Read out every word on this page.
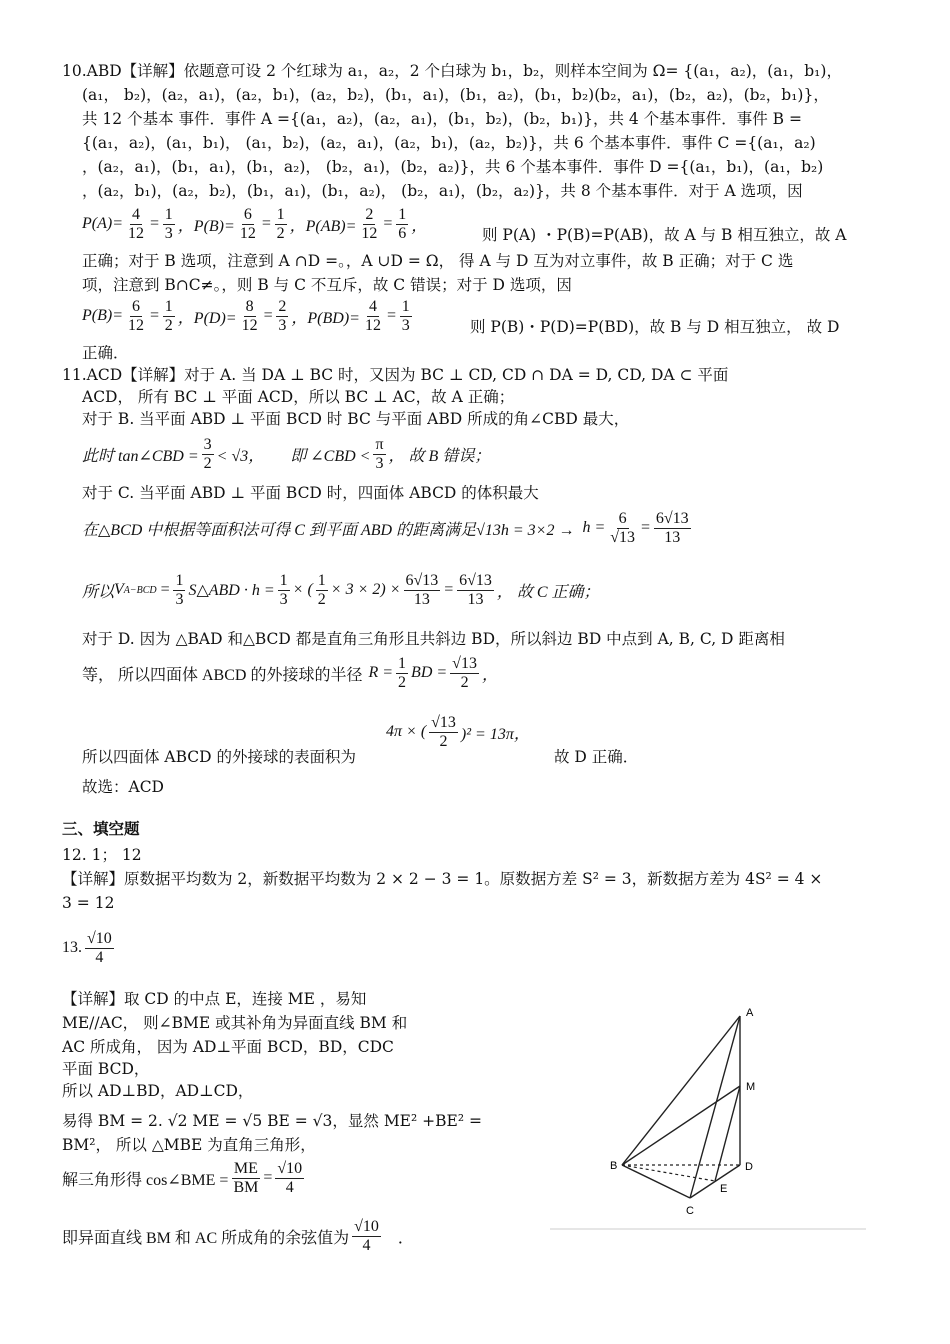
10.ABD【详解】依题意可设 2 个红球为 a₁，a₂，2 个白球为 b₁，b₂，则样本空间为 Ω= {(a₁，a₂)，(a₁，b₁)，
(a₁， b₂)，(a₂，a₁)，(a₂，b₁)，(a₂，b₂)，(b₁，a₁)，(b₁，a₂)，(b₁，b₂)(b₂，a₁)，(b₂，a₂)，(b₂，b₁)}，
共 12 个基本 事件．事件 A ={(a₁，a₂)，(a₂，a₁)，(b₁，b₂)，(b₂，b₁)}，共 4 个基本事件．事件 B =
{(a₁，a₂)，(a₁，b₁)， (a₁，b₂)，(a₂，a₁)，(a₂，b₁)，(a₂，b₂)}，共 6 个基本事件．事件 C ={(a₁，a₂)
，(a₂，a₁)，(b₁，a₁)，(b₁，a₂)， (b₂，a₁)，(b₂，a₂)}，共 6 个基本事件．事件 D ={(a₁，b₁)，(a₁，b₂)
，(a₂，b₁)，(a₂，b₂)，(b₁，a₁)，(b₁，a₂)， (b₂，a₁)，(b₂，a₂)}，共 8 个基本事件．对于 A 选项，因
$P(A)= \frac{4}{12} = \frac{1}{3}$ ，$P(B)= \frac{6}{12} = \frac{1}{2}$ ，$P(AB)= \frac{2}{12} = \frac{1}{6}$ ，	则 P(A) ・P(B)=P(AB)，故 A 与 B 相互独立，故 A
正确；对于 B 选项，注意到 A ∩D =。，A ∪D = Ω， 得 A 与 D 互为对立事件，故 B 正确；对于 C 选
项，注意到 B∩C≠。，则 B 与 C 不互斥，故 C 错误；对于 D 选项，因
$P(B)= \frac{6}{12} = \frac{1}{2}$ ，$P(D)= \frac{8}{12} = \frac{2}{3}$ ，$P(BD)= \frac{4}{12} = \frac{1}{3}$	则 P(B)・P(D)=P(BD)，故 B 与 D 相互独立， 故 D
正确．
11.ACD【详解】对于 A. 当 DA ⊥ BC 时，又因为 BC ⊥ CD, CD ∩ DA = D, CD, DA ⊂ 平面
ACD， 所有 BC ⊥ 平面 ACD，所以 BC ⊥ AC，故 A 正确；
对于 B. 当平面 ABD ⊥ 平面 BCD 时 BC 与平面 ABD 所成的角∠CBD 最大，
此时 tan∠CBD = $\frac{3}{2} < √3$， 即 ∠CBD < $\frac{\pi}{3}$ ， 故 B 错误；
对于 C. 当平面 ABD ⊥ 平面 BCD 时，四面体 ABCD 的体积最大
在△BCD 中根据等面积法可得 C 到平面 ABD 的距离满足$√13h = 3\times 2 \to h = \frac{6}{√13} = \frac{6√13}{13}$
所以 V $A-BCD = \frac{1}{3}$ S△ABD · $h = \frac{1}{3}$ × ( $\frac{1}{2} \times 3 \times 2) \times \frac{6√13}{13} = \frac{6√13}{13}$ ， 故 C 正确；
对于 D. 因为 △BAD 和△BCD 都是直角三角形且共斜边 BD，所以斜边 BD 中点到 A, B, C, D 距离相
等， 所以四面体 ABCD 的外接球的半径 $R = \frac{1}{2}$ BD = $\frac{√13}{2}$ ，
4π × ( $\frac{√13}{2} )^2 = 13\pi$，
所以四面体 ABCD 的外接球的表面积为	故 D 正确．
故选：ACD
三、填空题
12. 1； 12
【详解】原数据平均数为 2，新数据平均数为 2 × 2 − 3 = 1。原数据方差 S² = 3，新数据方差为 4S² = 4 ×
3 = 12
13. $\frac{√10}{4}$
【详解】取 CD 的中点 E，连接 ME ，易知
ME//AC， 则∠BME 或其补角为异面直线 BM 和
AC 所成角， 因为 AD⊥平面 BCD，BD，CDC
平面 BCD，
所以 AD⊥BD，AD⊥CD，
易得 BM = 2. √2 ME = √5 BE = √3，显然 ME² +BE² =
BM²， 所以 △MBE 为直角三角形，
解三角形得 cos∠BME = $\frac{ME}{BM} = \frac{√10}{4}$
即异面直线 BM 和 AC 所成角的余弦值为 $\frac{√10}{4}$ ．
A
M
B	D
E
C
